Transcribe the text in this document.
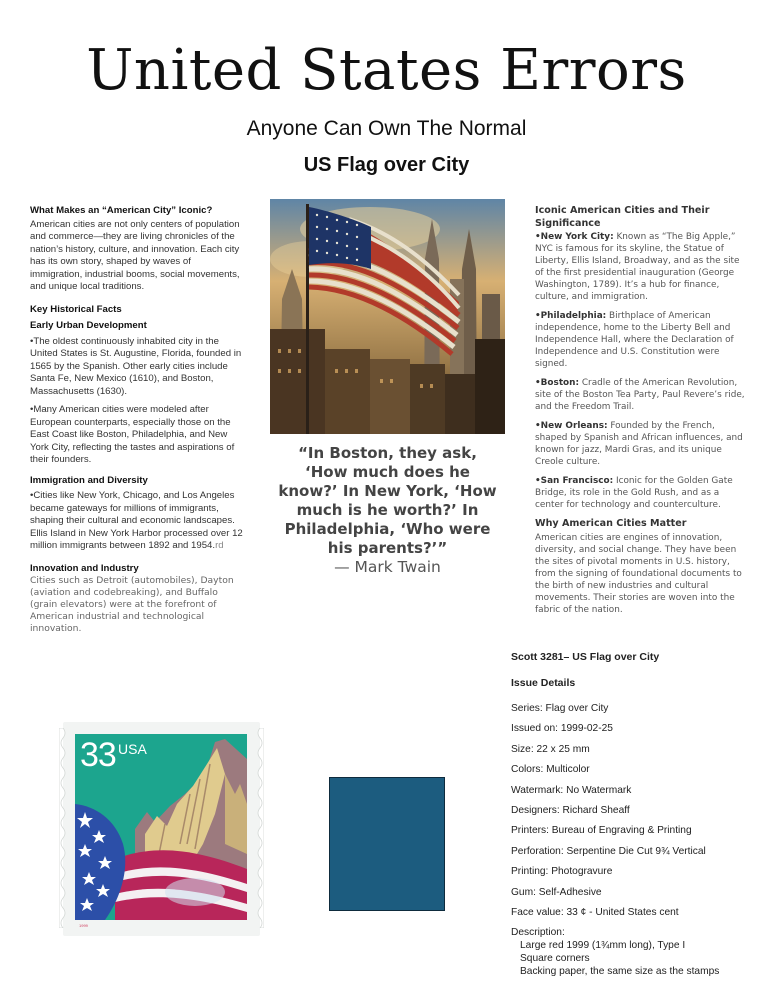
United States Errors
Anyone Can Own The Normal
US Flag over City
What Makes an “American City” Iconic?

American cities are not only centers of population and commerce—they are living chronicles of the nation’s history, culture, and innovation. Each city has its own story, shaped by waves of immigration, industrial booms, social movements, and unique local traditions.

Key Historical Facts
Early Urban Development

•The oldest continuously inhabited city in the United States is St. Augustine, Florida, founded in 1565 by the Spanish. Other early cities include Santa Fe, New Mexico (1610), and Boston, Massachusetts (1630).

•Many American cities were modeled after European counterparts, especially those on the East Coast like Boston, Philadelphia, and New York City, reflecting the tastes and aspirations of their founders.

Immigration and Diversity

•Cities like New York, Chicago, and Los Angeles became gateways for millions of immigrants, shaping their cultural and economic landscapes. Ellis Island in New York Harbor processed over 12 million immigrants between 1892 and 1954.rd

Innovation and Industry

Cities such as Detroit (automobiles), Dayton (aviation and codebreaking), and Buffalo (grain elevators) were at the forefront of American industrial and technological innovation.

“In Boston, they ask, ‘How much does he know?’ In New York, ‘How much is he worth?’ In Philadelphia, ‘Who were his parents?’”
— Mark Twain
Iconic American Cities and Their Significance

•New York City: Known as “The Big Apple,” NYC is famous for its skyline, the Statue of Liberty, Ellis Island, Broadway, and as the site of the first presidential inauguration (George Washington, 1789). It’s a hub for finance, culture, and immigration.

•Philadelphia: Birthplace of American independence, home to the Liberty Bell and Independence Hall, where the Declaration of Independence and U.S. Constitution were signed.

•Boston: Cradle of the American Revolution, site of the Boston Tea Party, Paul Revere’s ride, and the Freedom Trail.

•New Orleans: Founded by the French, shaped by Spanish and African influences, and known for jazz, Mardi Gras, and its unique Creole culture.

•San Francisco: Iconic for the Golden Gate Bridge, its role in the Gold Rush, and as a center for technology and counterculture.

Why American Cities Matter

American cities are engines of innovation, diversity, and social change. They have been the sites of pivotal moments in U.S. history, from the signing of foundational documents to the birth of new industries and cultural movements. Their stories are woven into the fabric of the nation.

Scott 3281– US Flag over City
Issue Details
Series: Flag over City
Issued on: 1999-02-25
Size: 22 x 25 mm
Colors: Multicolor
Watermark: No Watermark
Designers: Richard Sheaff
Printers: Bureau of Engraving & Printing
Perforation: Serpentine Die Cut 9¾ Vertical
Printing: Photogravure
Gum: Self-Adhesive
Face value: 33 ¢ - United States cent
Description:
Large red 1999 (1¾mm long), Type I
Square corners
Backing paper, the same size as the stamps
33 USA
1999
